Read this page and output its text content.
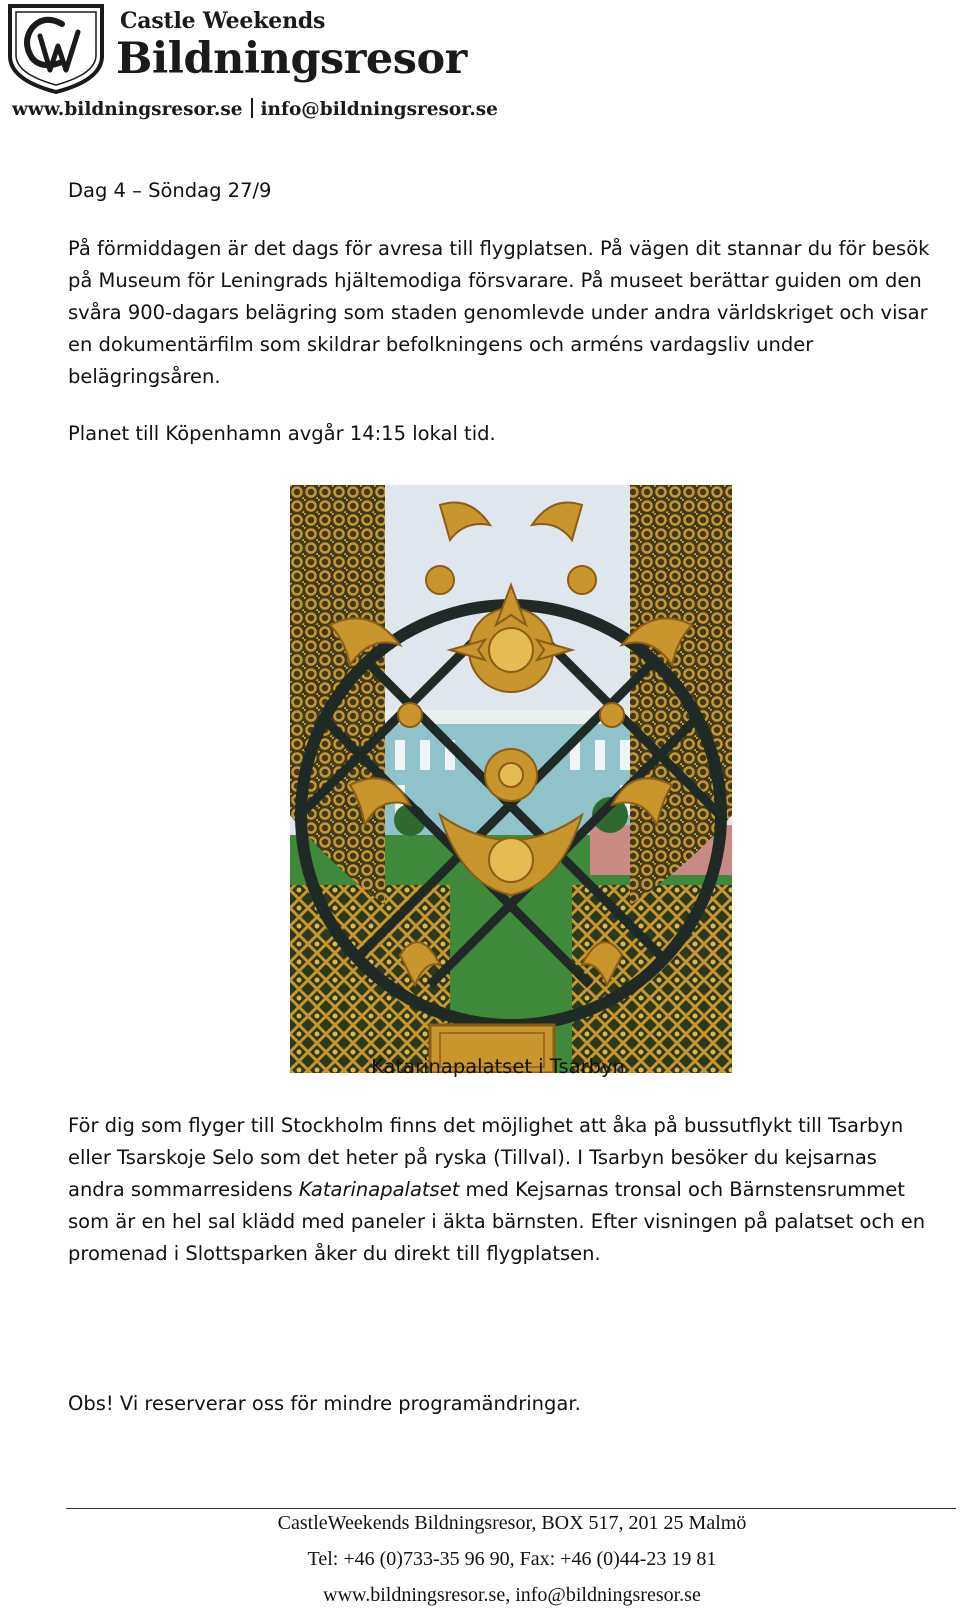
Castle Weekends
Bildningsresor
www.bildningsresor.se info@bildningsresor.se
Dag 4 – Söndag 27/9
På förmiddagen är det dags för avresa till flygplatsen. På vägen dit stannar du för besök på Museum för Leningrads hjältemodiga försvarare. På museet berättar guiden om den svåra 900-dagars belägring som staden genomlevde under andra världskriget och visar en dokumentärfilm som skildrar befolkningens och arméns vardagsliv under belägringsåren.
Planet till Köpenhamn avgår 14:15 lokal tid.
Katarinapalatset i Tsarbyn
För dig som flyger till Stockholm finns det möjlighet att åka på bussutflykt till Tsarbyn eller Tsarskoje Selo som det heter på ryska (Tillval). I Tsarbyn besöker du kejsarnas andra sommarresidens Katarinapalatset med Kejsarnas tronsal och Bärnstensrummet som är en hel sal klädd med paneler i äkta bärnsten. Efter visningen på palatset och en promenad i Slottsparken åker du direkt till flygplatsen.
Obs! Vi reserverar oss för mindre programändringar.
CastleWeekends Bildningsresor, BOX 517, 201 25 Malmö
Tel: +46 (0)733-35 96 90, Fax: +46 (0)44-23 19 81
www.bildningsresor.se, info@bildningsresor.se
